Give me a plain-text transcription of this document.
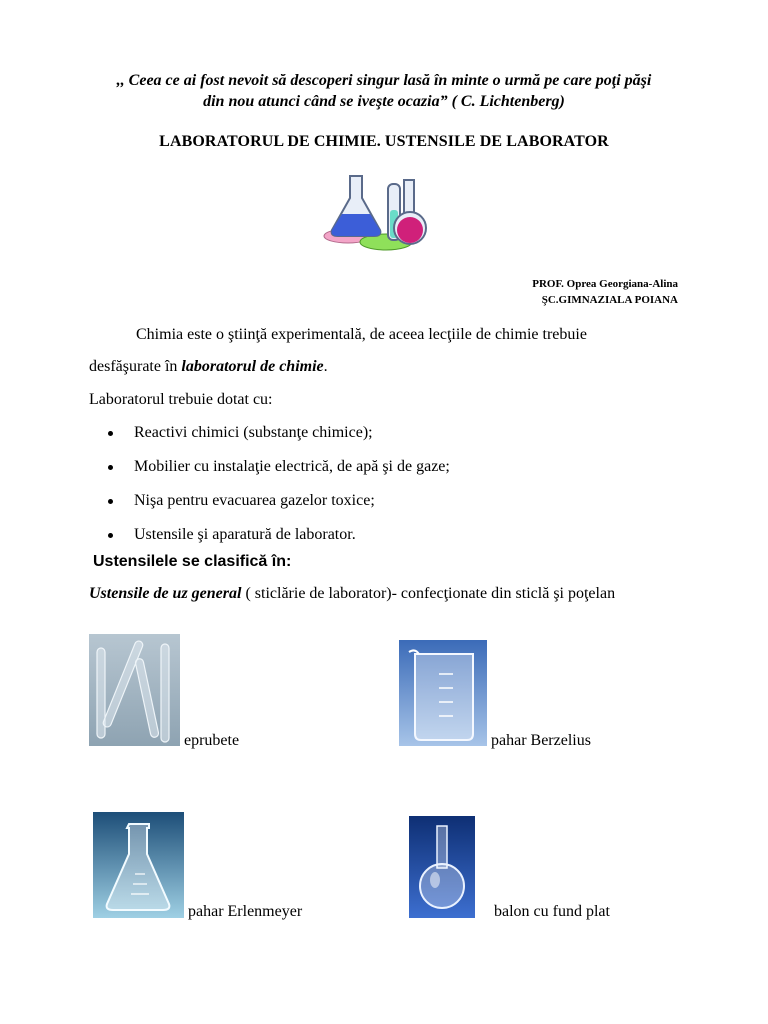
,, Ceea ce ai fost nevoit să descoperi singur lasă în minte o urmă pe care poţi păşi
din nou atunci când se iveşte ocazia” ( C. Lichtenberg)
LABORATORUL DE CHIMIE. USTENSILE DE LABORATOR
PROF. Oprea Georgiana-Alina
ŞC.GIMNAZIALA POIANA
Chimia este o ştiinţă experimentală, de aceea lecţiile de chimie trebuie
desfăşurate în laboratorul de chimie.
Laboratorul trebuie dotat cu:
Reactivi chimici (substanţe chimice);
Mobilier cu instalaţie electrică, de apă şi de gaze;
Nişa pentru evacuarea gazelor toxice;
Ustensile şi aparatură de laborator.
Ustensilele se clasifică în:
Ustensile de uz general ( sticlărie de laborator)- confecţionate din sticlă şi poţelan
eprubete	pahar Berzelius
pahar Erlenmeyer	balon cu fund plat
